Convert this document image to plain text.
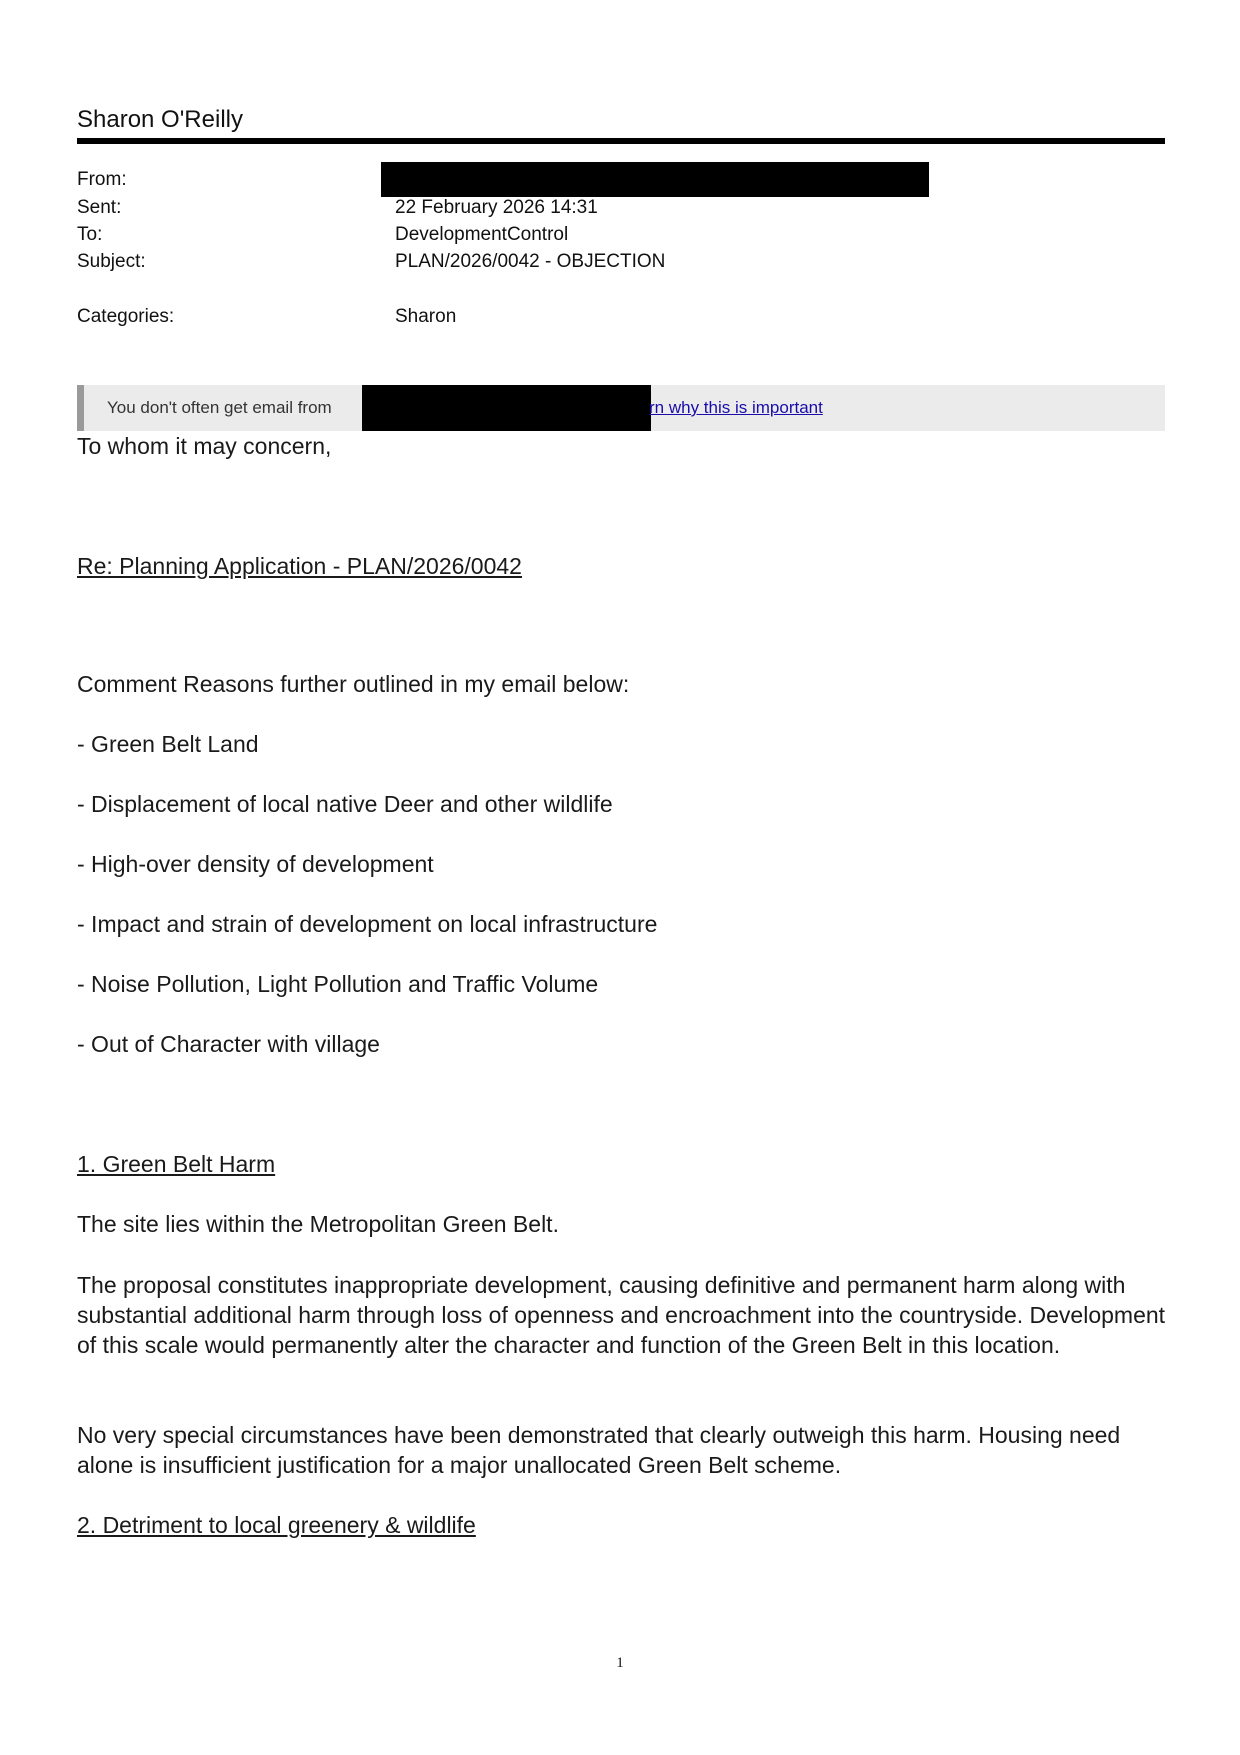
Sharon O'Reilly
From:
Sent:	22 February 2026 14:31
To:	DevelopmentControl
Subject:	PLAN/2026/0042 - OBJECTION
Categories:	Sharon
You don't often get email from	rn why this is important
To whom it may concern,
Re: Planning Application - PLAN/2026/0042
Comment Reasons further outlined in my email below:
- Green Belt Land
- Displacement of local native Deer and other wildlife
- High-over density of development
- Impact and strain of development on local infrastructure
- Noise Pollution, Light Pollution and Traffic Volume
- Out of Character with village
1. Green Belt Harm
The site lies within the Metropolitan Green Belt.
The proposal constitutes inappropriate development, causing definitive and permanent harm along with substantial additional harm through loss of openness and encroachment into the countryside. Development of this scale would permanently alter the character and function of the Green Belt in this location.
No very special circumstances have been demonstrated that clearly outweigh this harm. Housing need alone is insufficient justification for a major unallocated Green Belt scheme.
2. Detriment to local greenery & wildlife
1
